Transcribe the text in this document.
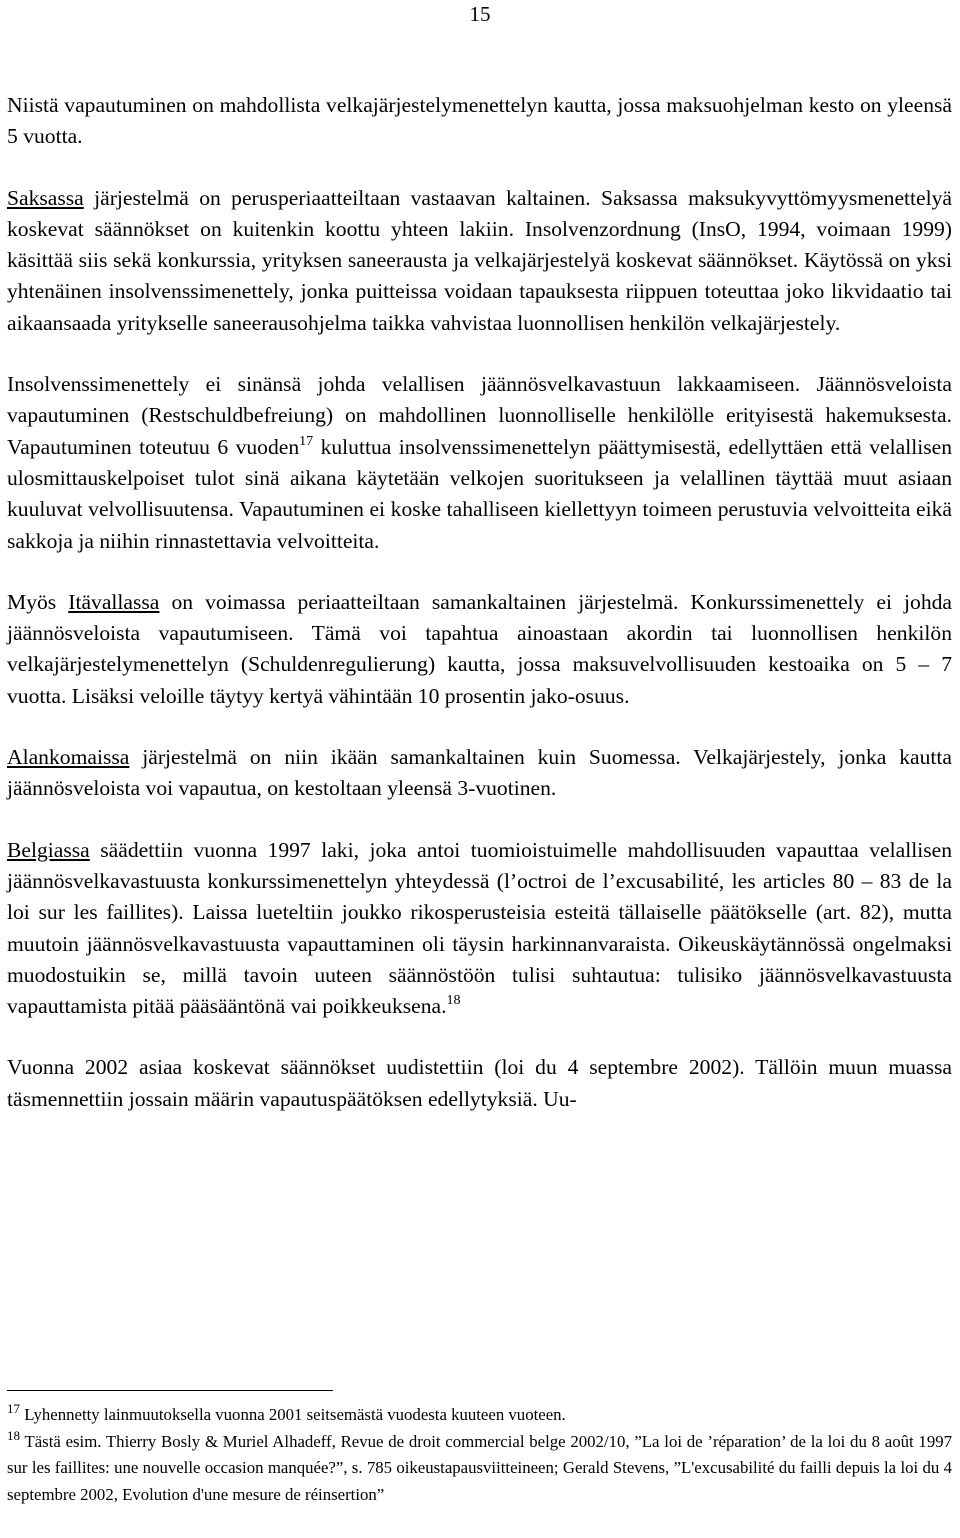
15

Niistä vapautuminen on mahdollista velkajärjestelymenettelyn kautta, jossa maksuohjelman kesto on yleensä 5 vuotta.

Saksassa järjestelmä on perusperiaatteiltaan vastaavan kaltainen. Saksassa maksukyvyttömyysmenettelyä koskevat säännökset on kuitenkin koottu yhteen lakiin. Insolvenzordnung (InsO, 1994, voimaan 1999) käsittää siis sekä konkurssia, yrityksen saneerausta ja velkajärjestelyä koskevat säännökset. Käytössä on yksi yhtenäinen insolvenssimenettely, jonka puitteissa voidaan tapauksesta riippuen toteuttaa joko likvidaatio tai aikaansaada yritykselle saneerausohjelma taikka vahvistaa luonnollisen henkilön velkajärjestely.

Insolvenssimenettely ei sinänsä johda velallisen jäännösvelkavastuun lakkaamiseen. Jäännösveloista vapautuminen (Restschuldbefreiung) on mahdollinen luonnolliselle henkilölle erityisestä hakemuksesta. Vapautuminen toteutuu 6 vuoden$^{17}$ kuluttua insolvenssimenettelyn päättymisestä, edellyttäen että velallisen ulosmittauskelpoiset tulot sinä aikana käytetään velkojen suoritukseen ja velallinen täyttää muut asiaan kuuluvat velvollisuutensa. Vapautuminen ei koske tahalliseen kiellettyyn toimeen perustuvia velvoitteita eikä sakkoja ja niihin rinnastettavia velvoitteita.

Myös Itävallassa on voimassa periaatteiltaan samankaltainen järjestelmä. Konkurssimenettely ei johda jäännösveloista vapautumiseen. Tämä voi tapahtua ainoastaan akordin tai luonnollisen henkilön velkajärjestelymenettelyn (Schuldenregulierung) kautta, jossa maksuvelvollisuuden kestoaika on 5 – 7 vuotta. Lisäksi veloille täytyy kertyä vähintään 10 prosentin jako-osuus.

Alankomaissa järjestelmä on niin ikään samankaltainen kuin Suomessa. Velkajärjestely, jonka kautta jäännösveloista voi vapautua, on kestoltaan yleensä 3-vuotinen.

Belgiassa säädettiin vuonna 1997 laki, joka antoi tuomioistuimelle mahdollisuuden vapauttaa velallisen jäännösvelkavastuusta konkurssimenettelyn yhteydessä (l’octroi de l’excusabilité, les articles 80 – 83 de la loi sur les faillites). Laissa lueteltiin joukko rikosperusteisia esteitä tällaiselle päätökselle (art. 82), mutta muutoin jäännösvelkavastuusta vapauttaminen oli täysin harkinnanvaraista. Oikeuskäytännössä ongelmaksi muodostuikin se, millä tavoin uuteen säännöstöön tulisi suhtautua: tulisiko jäännösvelkavastuusta vapauttamista pitää pääsääntönä vai poikkeuksena.$^{18}$

Vuonna 2002 asiaa koskevat säännökset uudistettiin (loi du 4 septembre 2002). Tällöin muun muassa täsmennettiin jossain määrin vapautuspäätöksen edellytyksiä. Uu-

$^{17}$ Lyhennetty lainmuutoksella vuonna 2001 seitsemästä vuodesta kuuteen vuoteen.

$^{18}$ Tästä esim. Thierry Bosly & Muriel Alhadeff, Revue de droit commercial belge 2002/10, ”La loi de ’réparation’ de la loi du 8 août 1997 sur les faillites: une nouvelle occasion manquée?”, s. 785 oikeustapausviitteineen; Gerald Stevens, ”L'excusabilité du failli depuis la loi du 4 septembre 2002, Evolution d'une mesure de réinsertion”
